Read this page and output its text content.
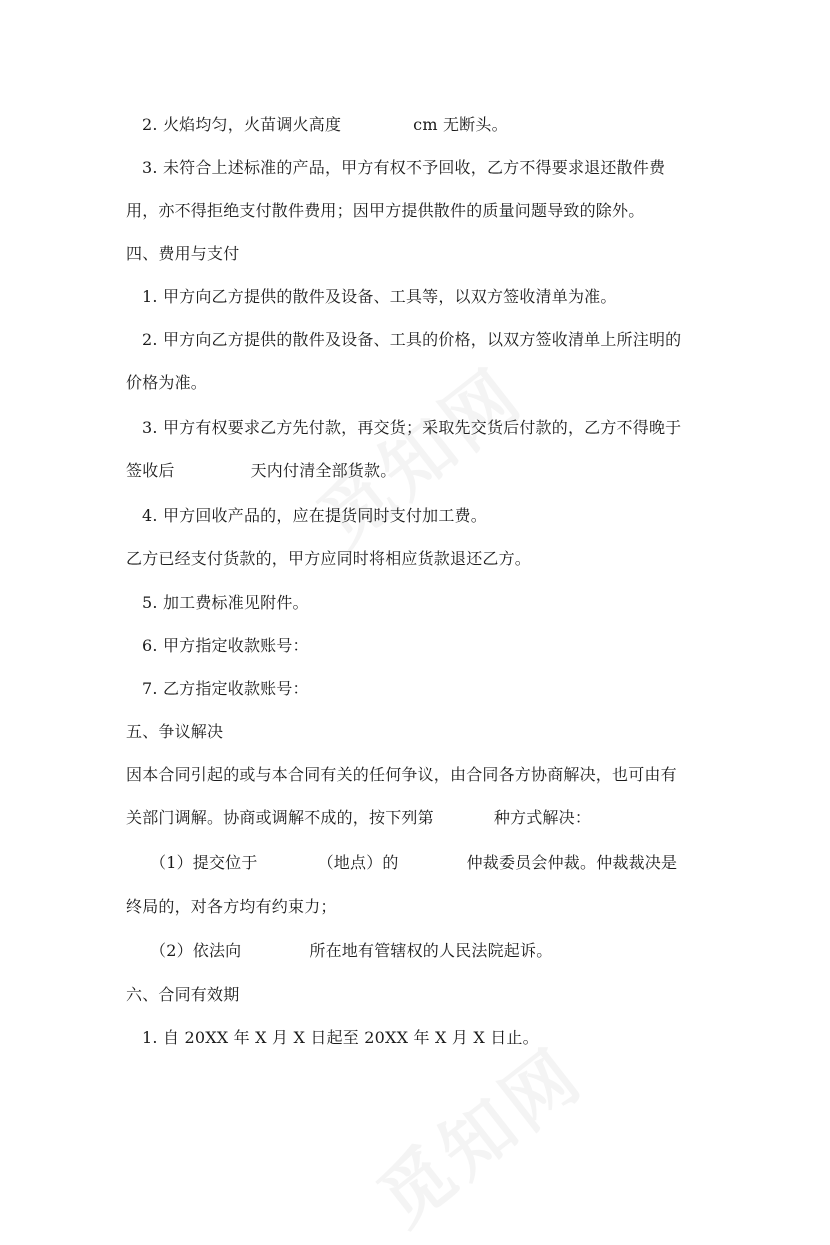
2. 火焰均匀，火苗调火高度	cm 无断头。
3. 未符合上述标准的产品，甲方有权不予回收，乙方不得要求退还散件费
用，亦不得拒绝支付散件费用；因甲方提供散件的质量问题导致的除外。
四、费用与支付
1. 甲方向乙方提供的散件及设备、工具等，以双方签收清单为准。
2. 甲方向乙方提供的散件及设备、工具的价格，以双方签收清单上所注明的
价格为准。
3. 甲方有权要求乙方先付款，再交货；采取先交货后付款的，乙方不得晚于
签收后	天内付清全部货款。
4. 甲方回收产品的，应在提货同时支付加工费。
乙方已经支付货款的，甲方应同时将相应货款退还乙方。
5. 加工费标准见附件。
6. 甲方指定收款账号：
7. 乙方指定收款账号：
五、争议解决
因本合同引起的或与本合同有关的任何争议，由合同各方协商解决，也可由有
关部门调解。协商或调解不成的，按下列第	种方式解决：
（1）提交位于	（地点）的	仲裁委员会仲裁。仲裁裁决是
终局的，对各方均有约束力；
（2）依法向	所在地有管辖权的人民法院起诉。
六、合同有效期
1. 自 20XX 年 X 月 X 日起至 20XX 年 X 月 X 日止。
